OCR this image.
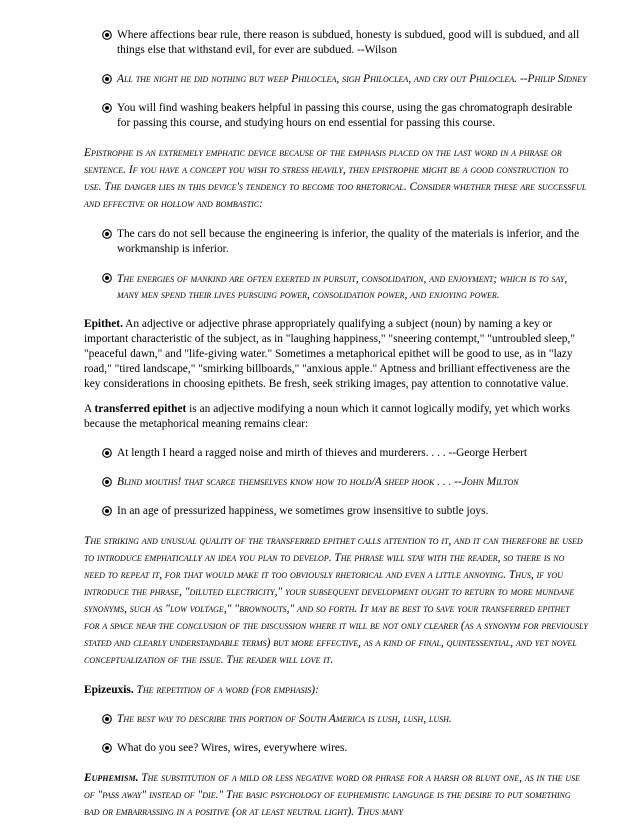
Where affections bear rule, there reason is subdued, honesty is subdued, good will is subdued, and all things else that withstand evil, for ever are subdued. --Wilson
All the night he did nothing but weep Philoclea, sigh Philoclea, and cry out Philoclea. --Philip Sidney
You will find washing beakers helpful in passing this course, using the gas chromatograph desirable for passing this course, and studying hours on end essential for passing this course.

Epistrophe is an extremely emphatic device because of the emphasis placed on the last word in a phrase or sentence. If you have a concept you wish to stress heavily, then epistrophe might be a good construction to use. The danger lies in this device's tendency to become too rhetorical. Consider whether these are successful and effective or hollow and bombastic:

The cars do not sell because the engineering is inferior, the quality of the materials is inferior, and the workmanship is inferior.
The energies of mankind are often exerted in pursuit, consolidation, and enjoyment; which is to say, many men spend their lives pursuing power, consolidation power, and enjoying power.

Epithet. An adjective or adjective phrase appropriately qualifying a subject (noun) by naming a key or important characteristic of the subject, as in "laughing happiness," "sneering contempt," "untroubled sleep," "peaceful dawn," and "life-giving water." Sometimes a metaphorical epithet will be good to use, as in "lazy road," "tired landscape," "smirking billboards," "anxious apple." Aptness and brilliant effectiveness are the key considerations in choosing epithets. Be fresh, seek striking images, pay attention to connotative value.

A transferred epithet is an adjective modifying a noun which it cannot logically modify, yet which works because the metaphorical meaning remains clear:

At length I heard a ragged noise and mirth of thieves and murderers. . . . --George Herbert
Blind mouths! that scarce themselves know how to hold/A sheep hook . . . --John Milton
In an age of pressurized happiness, we sometimes grow insensitive to subtle joys.

The striking and unusual quality of the transferred epithet calls attention to it, and it can therefore be used to introduce emphatically an idea you plan to develop. The phrase will stay with the reader, so there is no need to repeat it, for that would make it too obviously rhetorical and even a little annoying. Thus, if you introduce the phrase, "diluted electricity," your subsequent development ought to return to more mundane synonyms, such as "low voltage," "brownouts," and so forth. It may be best to save your transferred epithet for a space near the conclusion of the discussion where it will be not only clearer (as a synonym for previously stated and clearly understandable terms) but more effective, as a kind of final, quintessential, and yet novel conceptualization of the issue. The reader will love it.

Epizeuxis. The repetition of a word (for emphasis):

The best way to describe this portion of South America is lush, lush, lush.
What do you see? Wires, wires, everywhere wires.

Euphemism. The substitution of a mild or less negative word or phrase for a harsh or blunt one, as in the use of "pass away" instead of "die." The basic psychology of euphemistic language is the desire to put something bad or embarrassing in a positive (or at least neutral light). Thus many
